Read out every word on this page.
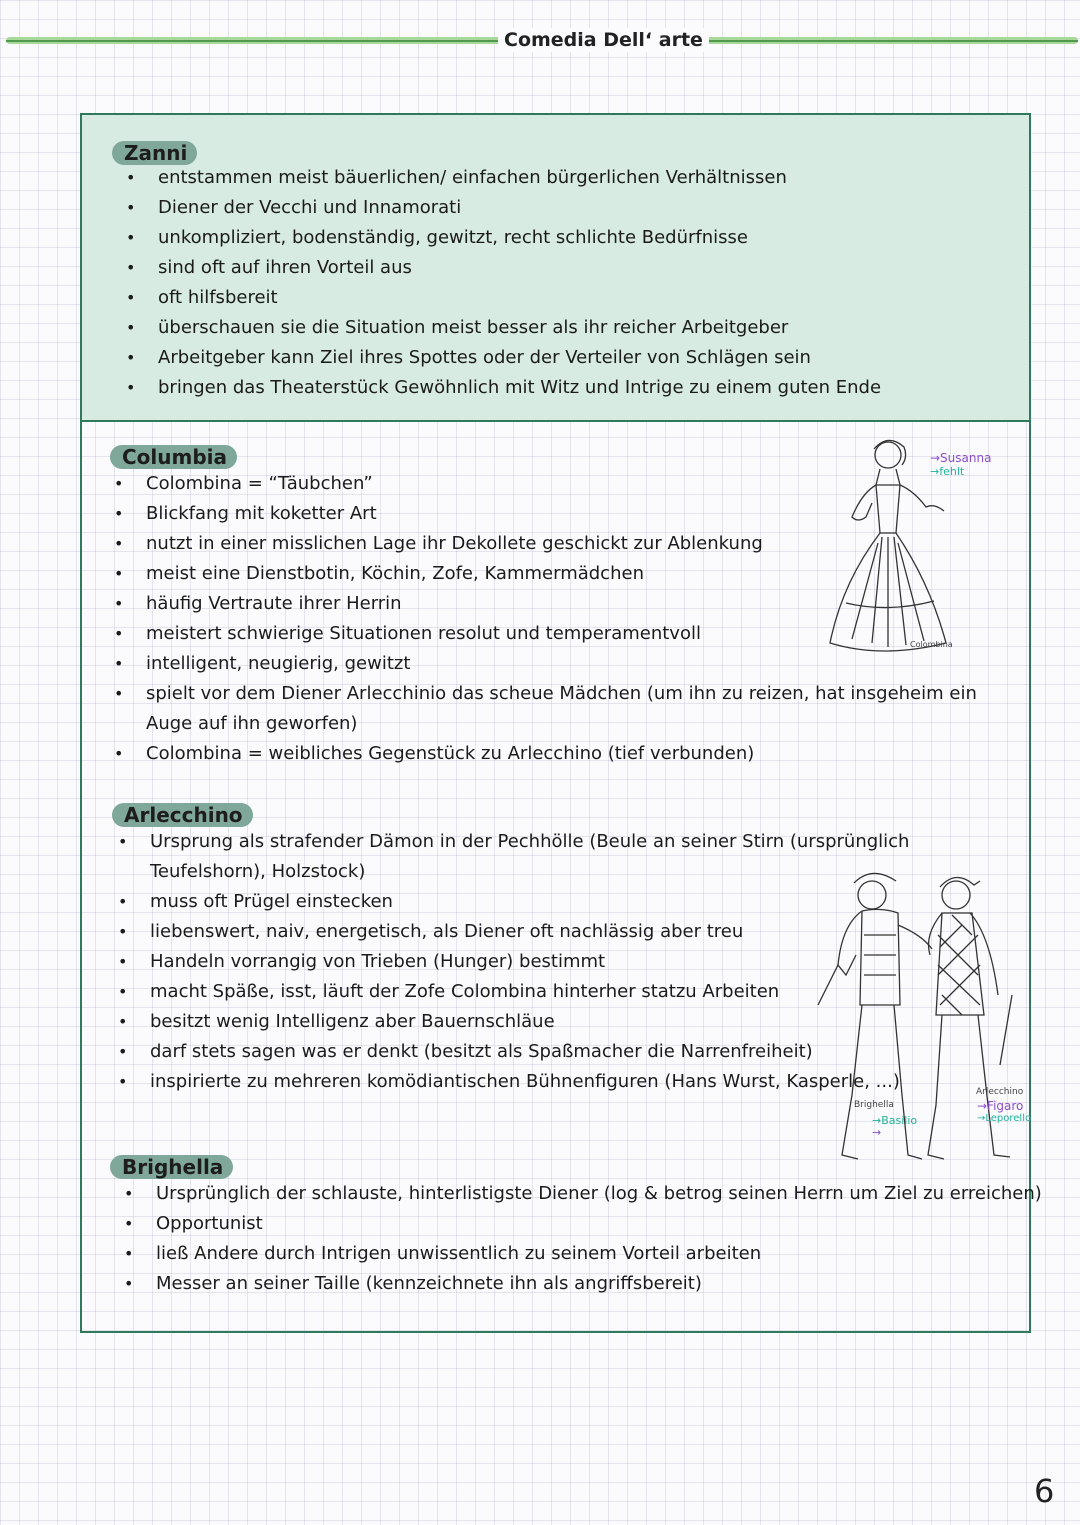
Comedia Dell‘ arte
Zanni
• entstammen meist bäuerlichen/ einfachen bürgerlichen Verhältnissen
• Diener der Vecchi und Innamorati
• unkompliziert, bodenständig, gewitzt, recht schlichte Bedürfnisse
• sind oft auf ihren Vorteil aus
• oft hilfsbereit
• überschauen sie die Situation meist besser als ihr reicher Arbeitgeber
• Arbeitgeber kann Ziel ihres Spottes oder der Verteiler von Schlägen sein
• bringen das Theaterstück Gewöhnlich mit Witz und Intrige zu einem guten Ende
Columbia
• Colombina = “Täubchen”
• Blickfang mit koketter Art
• nutzt in einer misslichen Lage ihr Dekollete geschickt zur Ablenkung
• meist eine Dienstbotin, Köchin, Zofe, Kammermädchen
• häufig Vertraute ihrer Herrin
• meistert schwierige Situationen resolut und temperamentvoll
• intelligent, neugierig, gewitzt
• spielt vor dem Diener Arlecchinio das scheue Mädchen (um ihn zu reizen, hat insgeheim ein Auge auf ihn geworfen)
• Colombina = weibliches Gegenstück zu Arlecchino (tief verbunden)
Arlecchino
• Ursprung als strafender Dämon in der Pechhölle (Beule an seiner Stirn (ursprünglich Teufelshorn), Holzstock)
• muss oft Prügel einstecken
• liebenswert, naiv, energetisch, als Diener oft nachlässig aber treu
• Handeln vorrangig von Trieben (Hunger) bestimmt
• macht Späße, isst, läuft der Zofe Colombina hinterher statzu Arbeiten
• besitzt wenig Intelligenz aber Bauernschläue
• darf stets sagen was er denkt (besitzt als Spaßmacher die Narrenfreiheit)
• inspirierte zu mehreren komödiantischen Bühnenfiguren (Hans Wurst, Kasperle, ...)
Brighella
• Ursprünglich der schlauste, hinterlistigste Diener (log & betrog seinen Herrn um Ziel zu erreichen)
• Opportunist
• ließ Andere durch Intrigen unwissentlich zu seinem Vorteil arbeiten
• Messer an seiner Taille (kennzeichnete ihn als angriffsbereit)
Colombina
→Susanna
→fehlt
Brighella
Arlecchino
→Basilio
→
→Figaro
→Leporello
6
